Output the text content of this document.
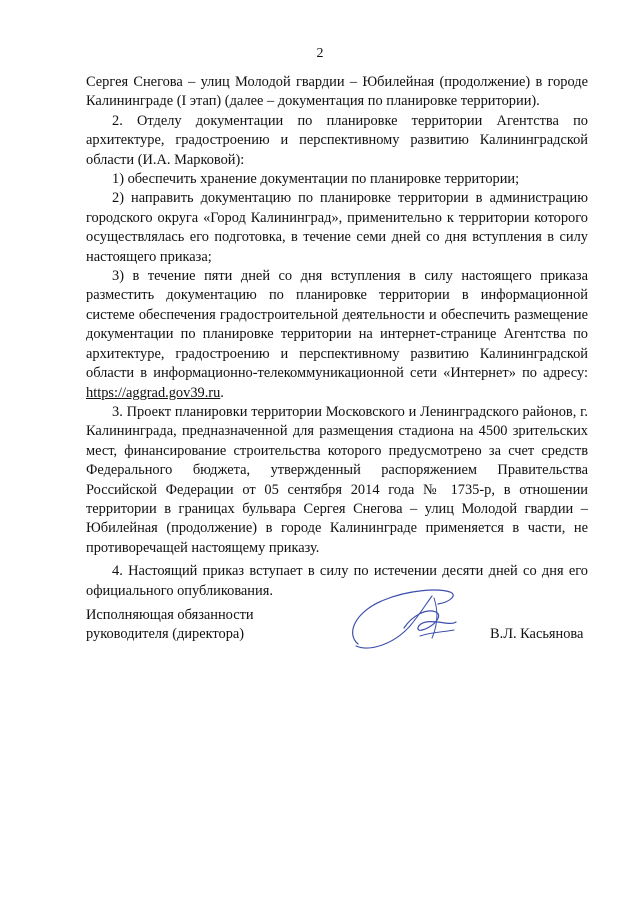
2

Сергея Снегова – улиц Молодой гвардии – Юбилейная (продолжение) в городе Калининграде (I этап) (далее – документация по планировке территории).

2. Отделу документации по планировке территории Агентства по архитектуре, градостроению и перспективному развитию Калининградской области (И.А. Марковой):

1) обеспечить хранение документации по планировке территории;

2) направить документацию по планировке территории в администрацию городского округа «Город Калининград», применительно к территории которого осуществлялась его подготовка, в течение семи дней со дня вступления в силу настоящего приказа;

3) в течение пяти дней со дня вступления в силу настоящего приказа разместить документацию по планировке территории в информационной системе обеспечения градостроительной деятельности и обеспечить размещение документации по планировке территории на интернет-странице Агентства по архитектуре, градостроению и перспективному развитию Калининградской области в информационно-телекоммуникационной сети «Интернет» по адресу: https://aggrad.gov39.ru.

3. Проект планировки территории Московского и Ленинградского районов, г. Калининграда, предназначенной для размещения стадиона на 4500 зрительских мест, финансирование строительства которого предусмотрено за счет средств Федерального бюджета, утвержденный распоряжением Правительства Российской Федерации от 05 сентября 2014 года № 1735-р, в отношении территории в границах бульвара Сергея Снегова – улиц Молодой гвардии – Юбилейная (продолжение) в городе Калининграде применяется в части, не противоречащей настоящему приказу.

4. Настоящий приказ вступает в силу по истечении десяти дней со дня его официального опубликования.

Исполняющая обязанности
руководителя (директора)	В.Л. Касьянова
